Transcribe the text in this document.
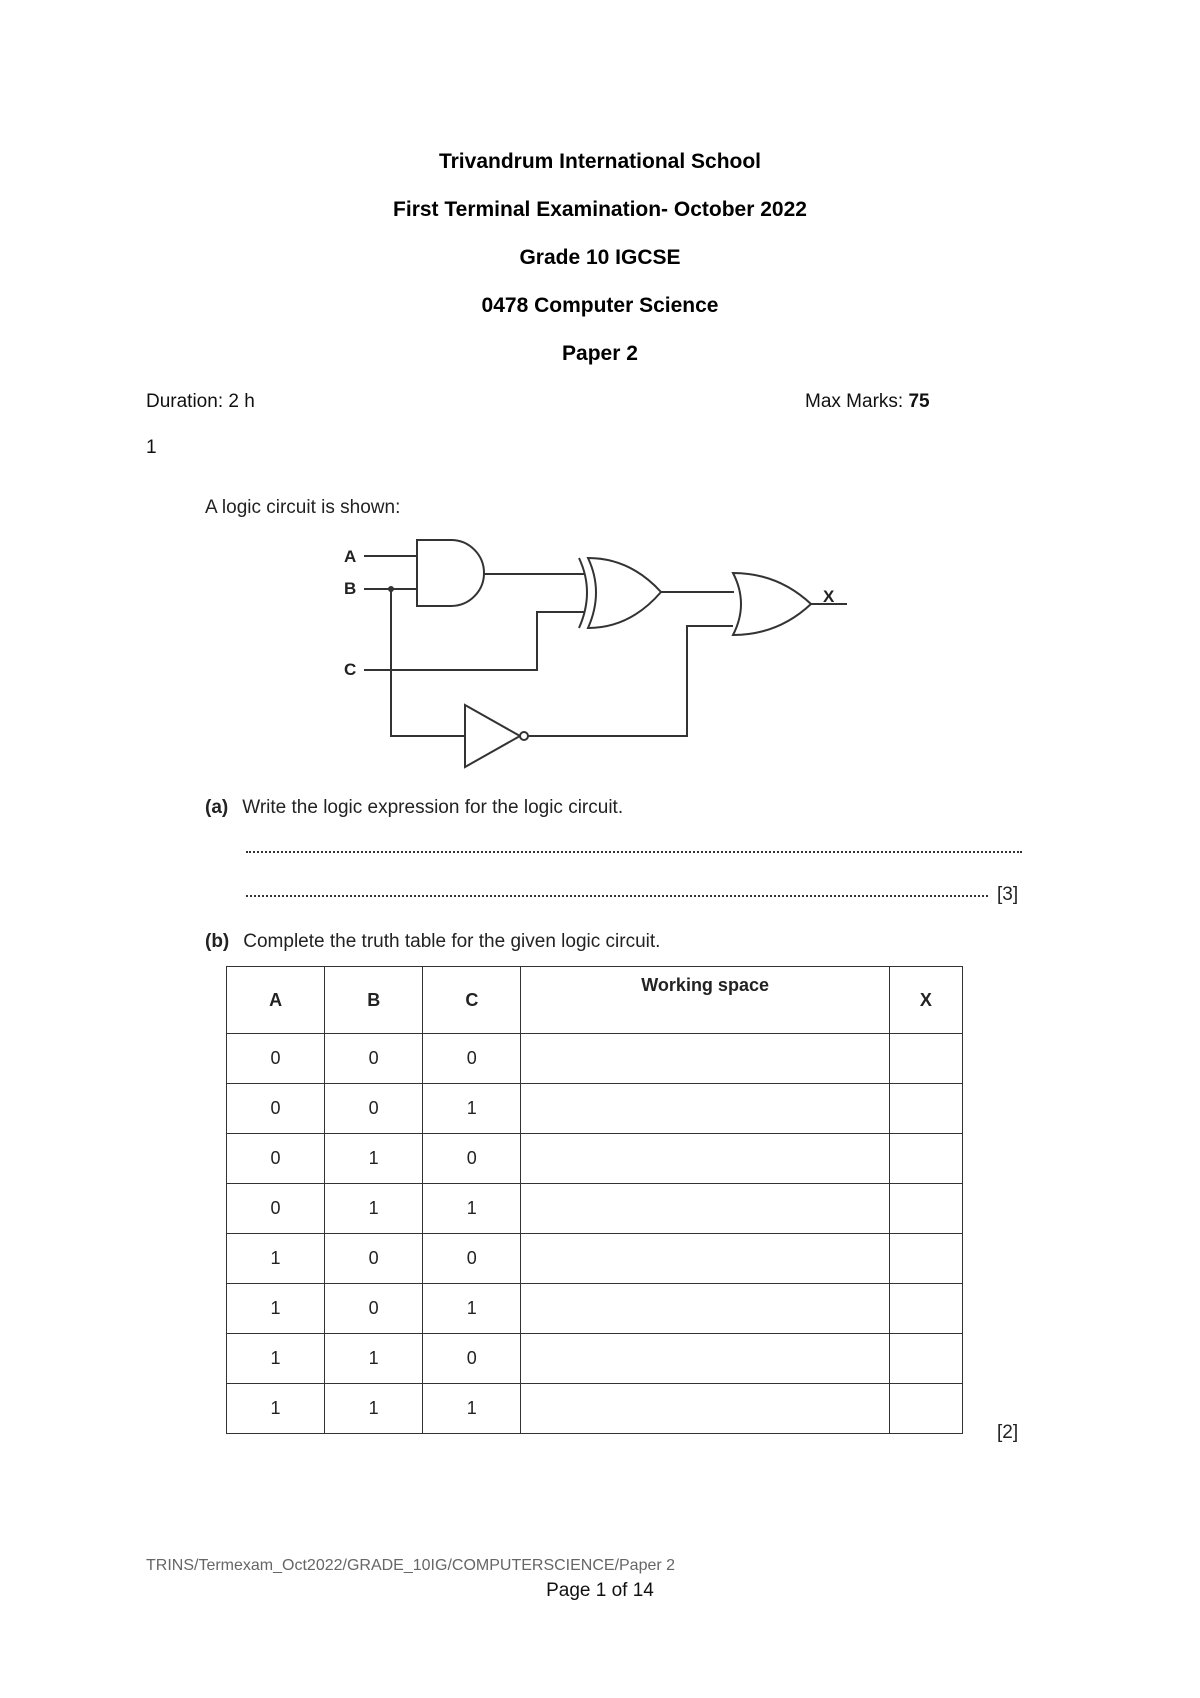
Trivandrum International School
First Terminal Examination- October 2022
Grade 10 IGCSE
0478 Computer Science
Paper 2
Duration: 2 h	Max Marks: 75
1
A logic circuit is shown:
A
B
C
X
(a) Write the logic expression for the logic circuit.
[3]
(b) Complete the truth table for the given logic circuit.
A	B	C	Working space	X
0	0	0		
0	0	1		
0	1	0		
0	1	1		
1	0	0		
1	0	1		
1	1	0		
1	1	1		
[2]
TRINS/Termexam_Oct2022/GRADE_10IG/COMPUTERSCIENCE/Paper 2
Page 1 of 14
